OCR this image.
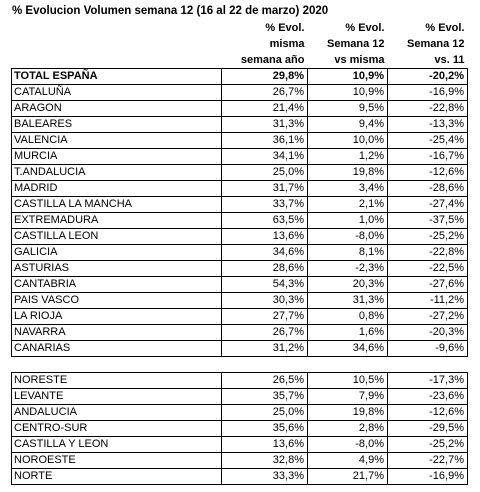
% Evolucion Volumen semana 12 (16 al 22 de marzo) 2020
	% Evol.	% Evol.	% Evol.
	misma	Semana 12	Semana 12
	semana año	vs misma	vs. 11
TOTAL ESPAÑA	29,8%	10,9%	-20,2%
CATALUÑA	26,7%	10,9%	-16,9%
ARAGON	21,4%	9,5%	-22,8%
BALEARES	31,3%	9,4%	-13,3%
VALENCIA	36,1%	10,0%	-25,4%
MURCIA	34,1%	1,2%	-16,7%
T.ANDALUCIA	25,0%	19,8%	-12,6%
MADRID	31,7%	3,4%	-28,6%
CASTILLA LA MANCHA	33,7%	2,1%	-27,4%
EXTREMADURA	63,5%	1,0%	-37,5%
CASTILLA LEON	13,6%	-8,0%	-25,2%
GALICIA	34,6%	8,1%	-22,8%
ASTURIAS	28,6%	-2,3%	-22,5%
CANTABRIA	54,3%	20,3%	-27,6%
PAIS VASCO	30,3%	31,3%	-11,2%
LA RIOJA	27,7%	0,8%	-27,2%
NAVARRA	26,7%	1,6%	-20,3%
CANARIAS	31,2%	34,6%	-9,6%

NORESTE	26,5%	10,5%	-17,3%
LEVANTE	35,7%	7,9%	-23,6%
ANDALUCIA	25,0%	19,8%	-12,6%
CENTRO-SUR	35,6%	2,8%	-29,5%
CASTILLA Y LEON	13,6%	-8,0%	-25,2%
NOROESTE	32,8%	4,9%	-22,7%
NORTE	33,3%	21,7%	-16,9%
